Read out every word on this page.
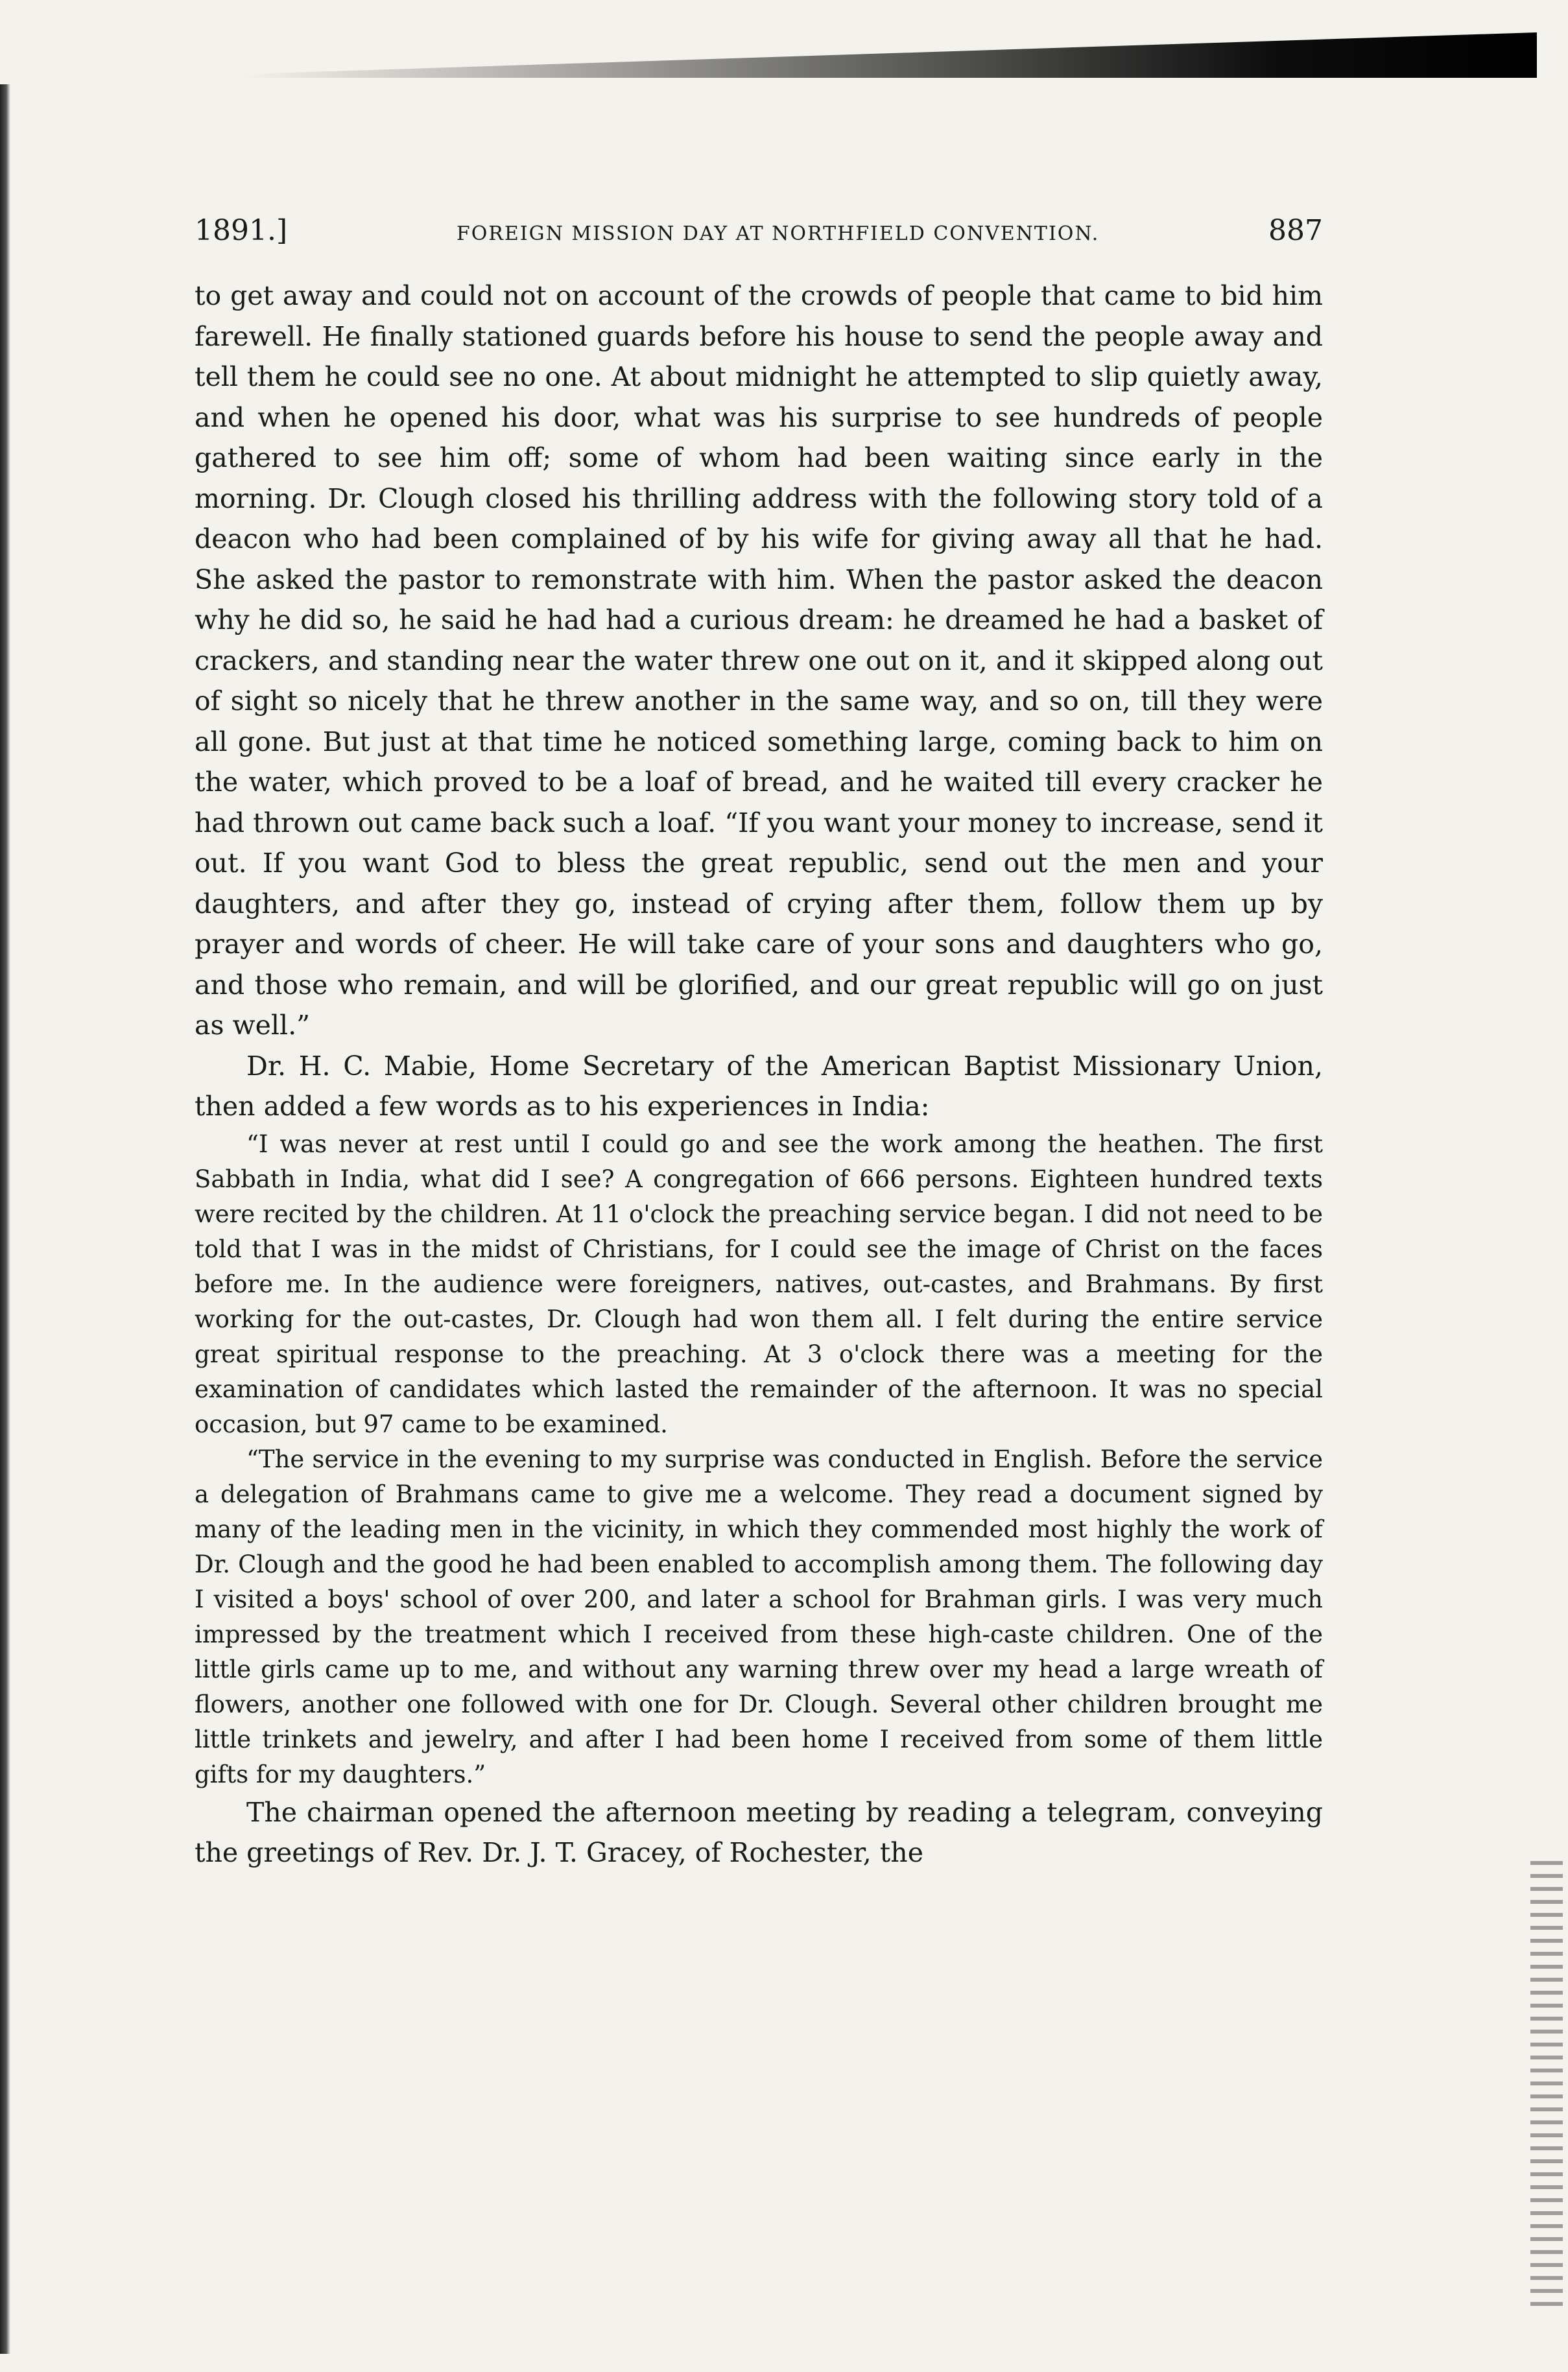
1891.]	FOREIGN MISSION DAY AT NORTHFIELD CONVENTION.	887

to get away and could not on account of the crowds of people that came to bid him farewell. He finally stationed guards before his house to send the people away and tell them he could see no one. At about midnight he attempted to slip quietly away, and when he opened his door, what was his surprise to see hundreds of people gathered to see him off; some of whom had been waiting since early in the morning. Dr. Clough closed his thrilling address with the following story told of a deacon who had been complained of by his wife for giving away all that he had. She asked the pastor to remonstrate with him. When the pastor asked the deacon why he did so, he said he had had a curious dream: he dreamed he had a basket of crackers, and standing near the water threw one out on it, and it skipped along out of sight so nicely that he threw another in the same way, and so on, till they were all gone. But just at that time he noticed something large, coming back to him on the water, which proved to be a loaf of bread, and he waited till every cracker he had thrown out came back such a loaf. “If you want your money to increase, send it out. If you want God to bless the great republic, send out the men and your daughters, and after they go, instead of crying after them, follow them up by prayer and words of cheer. He will take care of your sons and daughters who go, and those who remain, and will be glorified, and our great republic will go on just as well.”

Dr. H. C. Mabie, Home Secretary of the American Baptist Missionary Union, then added a few words as to his experiences in India:

“I was never at rest until I could go and see the work among the heathen. The first Sabbath in India, what did I see? A congregation of 666 persons. Eighteen hundred texts were recited by the children. At 11 o'clock the preaching service began. I did not need to be told that I was in the midst of Christians, for I could see the image of Christ on the faces before me. In the audience were foreigners, natives, out-castes, and Brahmans. By first working for the out-castes, Dr. Clough had won them all. I felt during the entire service great spiritual response to the preaching. At 3 o'clock there was a meeting for the examination of candidates which lasted the remainder of the afternoon. It was no special occasion, but 97 came to be examined.

“The service in the evening to my surprise was conducted in English. Before the service a delegation of Brahmans came to give me a welcome. They read a document signed by many of the leading men in the vicinity, in which they commended most highly the work of Dr. Clough and the good he had been enabled to accomplish among them. The following day I visited a boys' school of over 200, and later a school for Brahman girls. I was very much impressed by the treatment which I received from these high-caste children. One of the little girls came up to me, and without any warning threw over my head a large wreath of flowers, another one followed with one for Dr. Clough. Several other children brought me little trinkets and jewelry, and after I had been home I received from some of them little gifts for my daughters.”

The chairman opened the afternoon meeting by reading a telegram, conveying the greetings of Rev. Dr. J. T. Gracey, of Rochester, the
